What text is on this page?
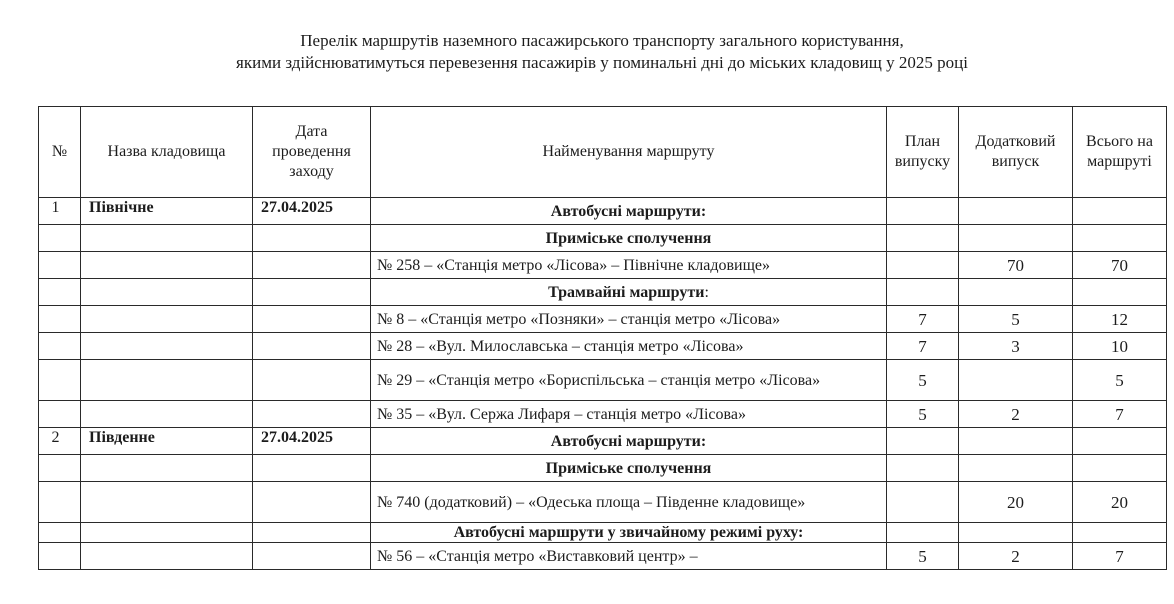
Перелік маршрутів наземного пасажирського транспорту загального користування,
якими здійснюватимуться перевезення пасажирів у поминальні дні до міських кладовищ у 2025 році
№	Назва кладовища	Дата проведення заходу	Найменування маршруту	План випуску	Додатковий випуск	Всього на маршруті
1	Північне	27.04.2025	Автобусні маршрути:			
			Приміське сполучення			
			№ 258 – «Станція метро «Лісова» – Північне кладовище»		70	70
			Трамвайні маршрути:			
			№ 8 – «Станція метро «Позняки» – станція метро «Лісова»	7	5	12
			№ 28 – «Вул. Милославська – станція метро «Лісова»	7	3	10
			№ 29 – «Станція метро «Бориспільська – станція метро «Лісова»	5		5
			№ 35 – «Вул. Сержа Лифаря – станція метро «Лісова»	5	2	7
2	Південне	27.04.2025	Автобусні маршрути:			
			Приміське сполучення			
			№ 740 (додатковий) – «Одеська площа – Південне кладовище»		20	20
			Автобусні маршрути у звичайному режимі руху:			
			№ 56 – «Станція метро «Виставковий центр» –	5	2	7
